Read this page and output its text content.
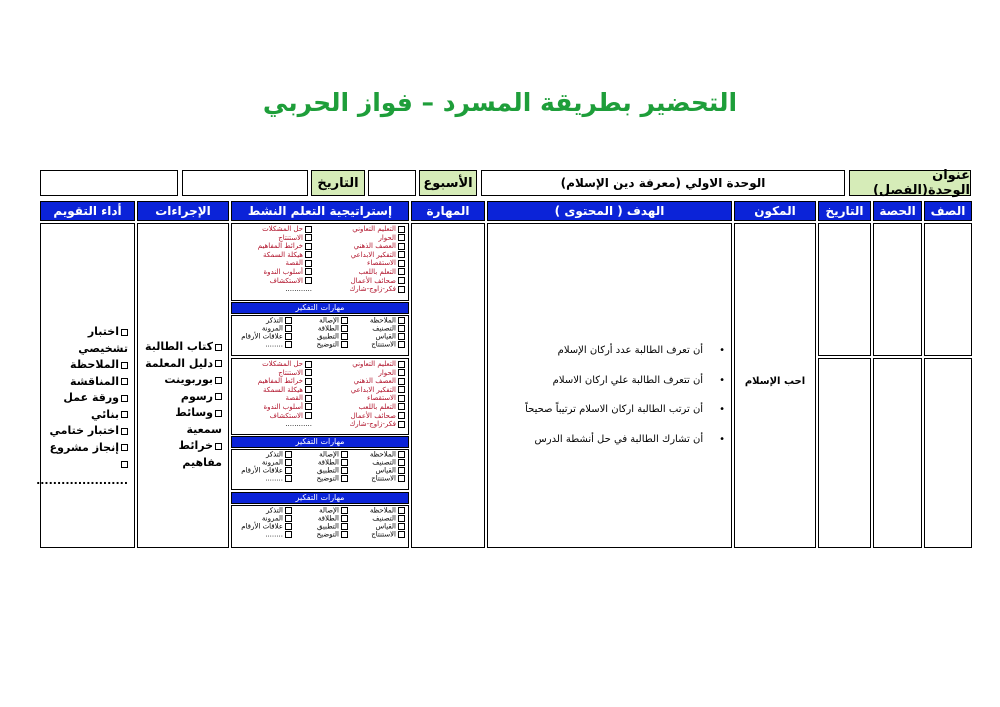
التحضير بطريقة المسرد – فواز الحربي
عنوان الوحدة(الفصل)
الوحدة الاولي (معرفة دين الإسلام)
الأسبوع
التاريخ
الصف
الحصة
التاريخ
المكون
الهدف ( المحتوى )
المهارة
إستراتيجية التعلم النشط
الإجراءات
أداء التقويم
احب الإسلام
•أن تعرف الطالبة عدد أركان الإسلام
•أن تتعرف الطالبة علي اركان الاسلام
•أن ترتب الطالبة اركان الاسلام ترتيباً صحيحاً
•أن تشارك الطالبة في حل أنشطة الدرس
التعليم التعاوني
الحوار
العصف الذهني
التفكير الابداعي
الاستقصاء
التعلم باللعب
صحائف الأعمال
فكر-زاوج-شارك
حل المشكلات
الاستنتاج
خرائط المفاهيم
هيكلة السمكة
القصة
أسلوب الندوة
الاستكشاف
............
مهارات التفكير
الملاحظة
التصنيف
القياس
الاستنتاج
الإصالة
الطلاقة
التطبيق
التوضيح
التذكر
المرونة
علاقات الأرقام
........
التعليم التعاوني
الحوار
العصف الذهني
التفكير الابداعي
الاستقصاء
التعلم باللعب
صحائف الأعمال
فكر-زاوج-شارك
حل المشكلات
الاستنتاج
خرائط المفاهيم
هيكلة السمكة
القصة
أسلوب الندوة
الاستكشاف
............
مهارات التفكير
الملاحظة
التصنيف
القياس
الاستنتاج
الإصالة
الطلاقة
التطبيق
التوضيح
التذكر
المرونة
علاقات الأرقام
........
مهارات التفكير
الملاحظة
التصنيف
القياس
الاستنتاج
الإصالة
الطلاقة
التطبيق
التوضيح
التذكر
المرونة
علاقات الأرقام
........
كتاب الطالبة
دليل المعلمة
بوربوينت
رسوم
وسائط سمعية
خرائط مفاهيم
اختبار تشخيصي
الملاحظة
المناقشة
ورقة عمل
بنائي
اختبار ختامي
إنجاز مشروع
......................
